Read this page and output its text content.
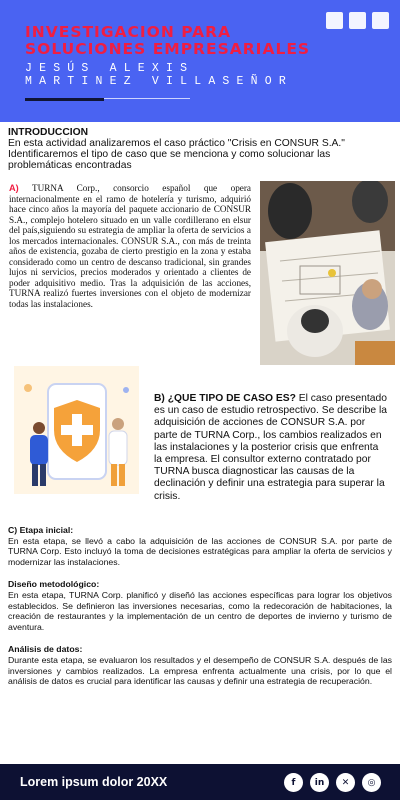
INVESTIGACION PARA SOLUCIONES EMPRESARIALES
JESÚS ALEXIS
MARTINEZ VILLASEÑOR
INTRODUCCION

En esta actividad analizaremos el caso práctico "Crisis en CONSUR S.A." Identificaremos el tipo de caso que se menciona y como solucionar las problemáticas encontradas

A) TURNA Corp., consorcio español que opera internacionalmente en el ramo de hotelería y turismo, adquirió hace cinco años la mayoría del paquete accionario de CONSUR S.A., complejo hotelero situado en un valle cordillerano en elsur del país,siguiendo su estrategia de ampliar la oferta de servicios a los mercados internacionales. CONSUR S.A., con más de treinta años de existencia, gozaba de cierto prestigio en la zona y estaba considerado como un centro de descanso tradicional, sin grandes lujos ni servicios, precios moderados y orientado a clientes de poder adquisitivo medio. Tras la adquisición de las acciones, TURNA realizó fuertes inversiones con el objeto de modernizar todas las instalaciones.

B) ¿QUE TIPO DE CASO ES? El caso presentado es un caso de estudio retrospectivo. Se describe la adquisición de acciones de CONSUR S.A. por parte de TURNA Corp., los cambios realizados en las instalaciones y la posterior crisis que enfrenta la empresa. El consultor externo contratado por TURNA busca diagnosticar las causas de la declinación y definir una estrategia para superar la crisis.

C) Etapa inicial:

En esta etapa, se llevó a cabo la adquisición de las acciones de CONSUR S.A. por parte de TURNA Corp. Esto incluyó la toma de decisiones estratégicas para ampliar la oferta de servicios y modernizar las instalaciones.

Diseño metodológico:

En esta etapa, TURNA Corp. planificó y diseñó las acciones específicas para lograr los objetivos establecidos. Se definieron las inversiones necesarias, como la redecoración de habitaciones, la creación de restaurantes y la implementación de un centro de deportes de invierno y turismo de aventura.

Análisis de datos:

Durante esta etapa, se evaluaron los resultados y el desempeño de CONSUR S.A. después de las inversiones y cambios realizados. La empresa enfrenta actualmente una crisis, por lo que el análisis de datos es crucial para identificar las causas y definir una estrategia de recuperación.

Lorem ipsum dolor 20XX	f	in	✕	◎
